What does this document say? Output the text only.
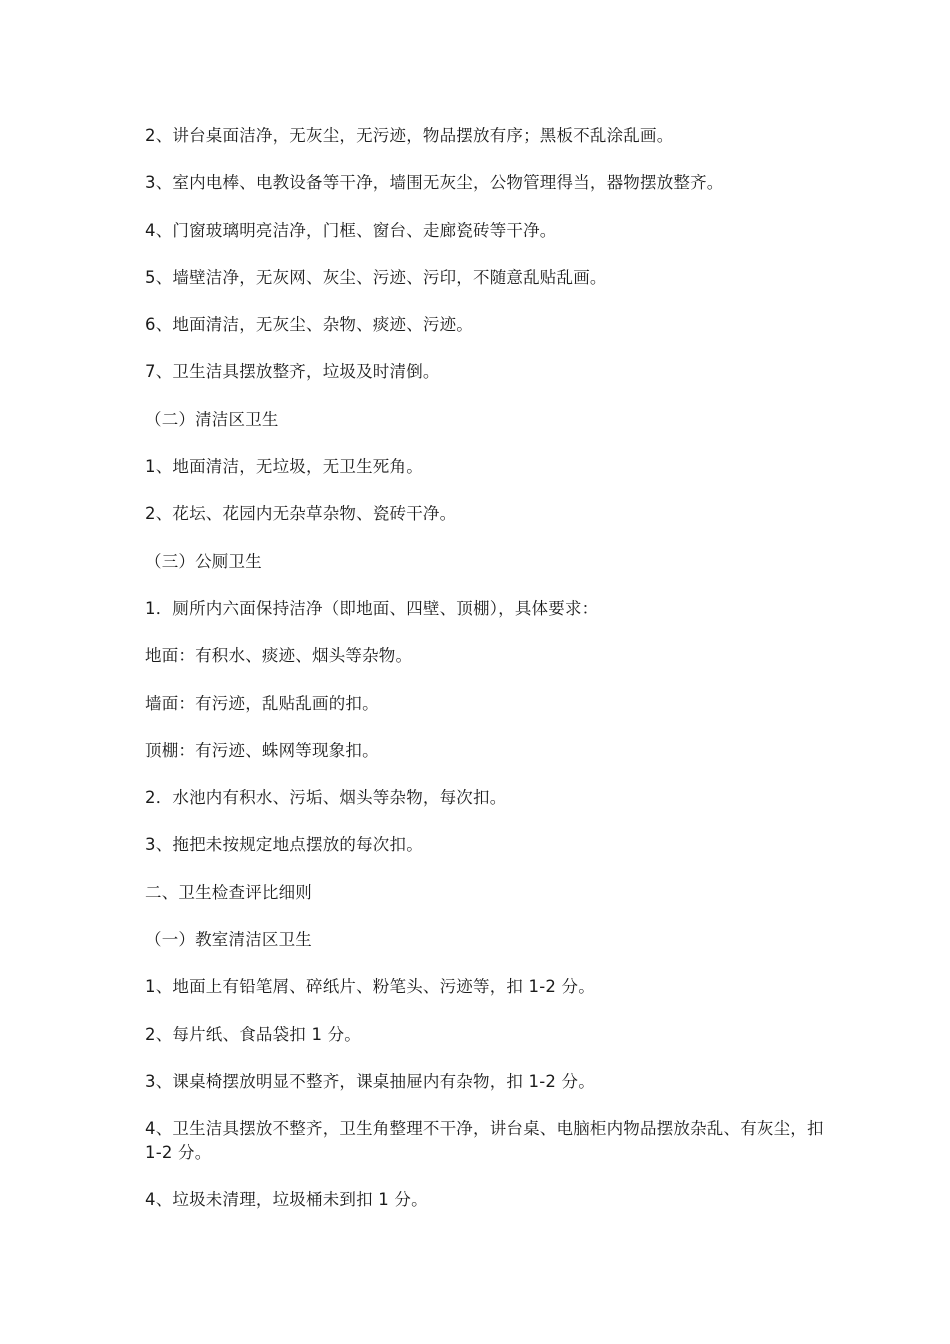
2、讲台桌面洁净，无灰尘，无污迹，物品摆放有序；黑板不乱涂乱画。

3、室内电棒、电教设备等干净，墙围无灰尘，公物管理得当，器物摆放整齐。

4、门窗玻璃明亮洁净，门框、窗台、走廊瓷砖等干净。

5、墙壁洁净，无灰网、灰尘、污迹、污印，不随意乱贴乱画。

6、地面清洁，无灰尘、杂物、痰迹、污迹。

7、卫生洁具摆放整齐，垃圾及时清倒。

（二）清洁区卫生

1、地面清洁，无垃圾，无卫生死角。

2、花坛、花园内无杂草杂物、瓷砖干净。

（三）公厕卫生

1．厕所内六面保持洁净（即地面、四壁、顶棚），具体要求：

地面：有积水、痰迹、烟头等杂物。

墙面：有污迹，乱贴乱画的扣。

顶棚：有污迹、蛛网等现象扣。

2．水池内有积水、污垢、烟头等杂物，每次扣。

3、拖把未按规定地点摆放的每次扣。

二、卫生检查评比细则

（一）教室清洁区卫生

1、地面上有铅笔屑、碎纸片、粉笔头、污迹等，扣 1-2 分。

2、每片纸、食品袋扣 1 分。

3、课桌椅摆放明显不整齐，课桌抽屉内有杂物，扣 1-2 分。

4、卫生洁具摆放不整齐，卫生角整理不干净，讲台桌、电脑柜内物品摆放杂乱、有灰尘，扣 1-2 分。

4、垃圾未清理，垃圾桶未到扣 1 分。
